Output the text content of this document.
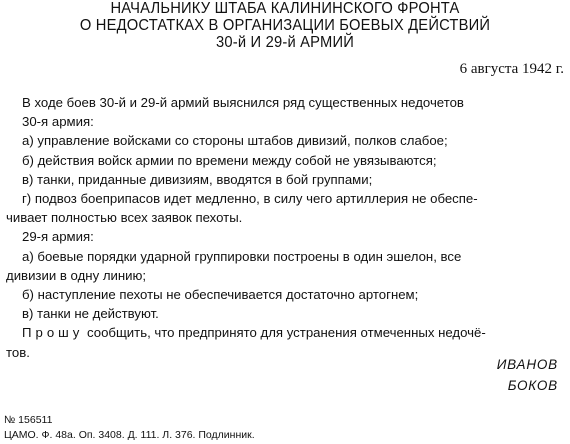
НАЧАЛЬНИКУ ШТАБА КАЛИНИНСКОГО ФРОНТА
О НЕДОСТАТКАХ В ОРГАНИЗАЦИИ БОЕВЫХ ДЕЙСТВИЙ
30-й И 29-й АРМИЙ
6 августа 1942 г.
В ходе боев 30-й и 29-й армий выяснился ряд существенных недочетов
30-я армия:
а) управление войсками со стороны штабов дивизий, полков слабое;
б) действия войск армии по времени между собой не увязываются;
в) танки, приданные дивизиям, вводятся в бой группами;
г) подвоз боеприпасов идет медленно, в силу чего артиллерия не обеспе-
чивает полностью всех заявок пехоты.
29-я армия:
а) боевые порядки ударной группировки построены в один эшелон, все
дивизии в одну линию;
б) наступление пехоты не обеспечивается достаточно артогнем;
в) танки не действуют.
Прошу сообщить, что предпринято для устранения отмеченных недочё-
тов.
ИВАНОВ
БОКОВ
№ 156511
ЦАМО. Ф. 48а. Оп. 3408. Д. 111. Л. 376. Подлинник.
